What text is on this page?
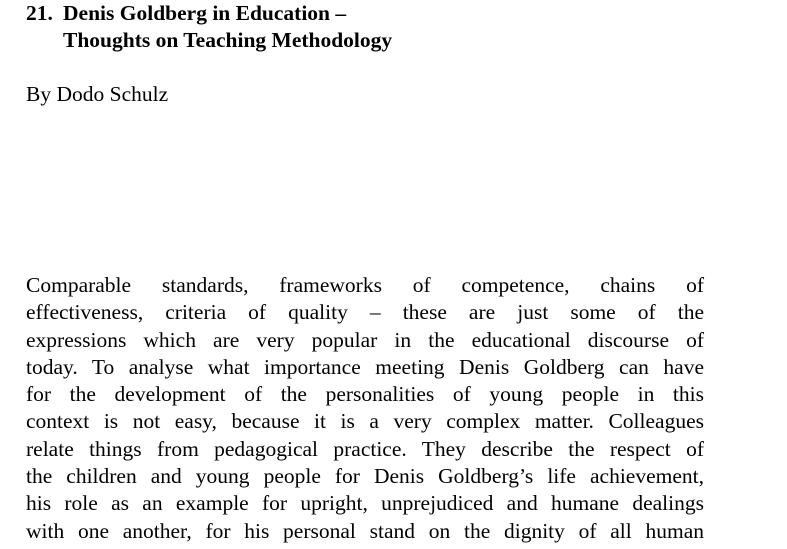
21. Denis Goldberg in Education –
Thoughts on Teaching Methodology
By Dodo Schulz
Comparable standards, frameworks of competence, chains of
effectiveness, criteria of quality – these are just some of the
expressions which are very popular in the educational discourse of
today. To analyse what importance meeting Denis Goldberg can have
for the development of the personalities of young people in this
context is not easy, because it is a very complex matter. Colleagues
relate things from pedagogical practice. They describe the respect of
the children and young people for Denis Goldberg’s life achievement,
his role as an example for upright, unprejudiced and humane dealings
with one another, for his personal stand on the dignity of all human
